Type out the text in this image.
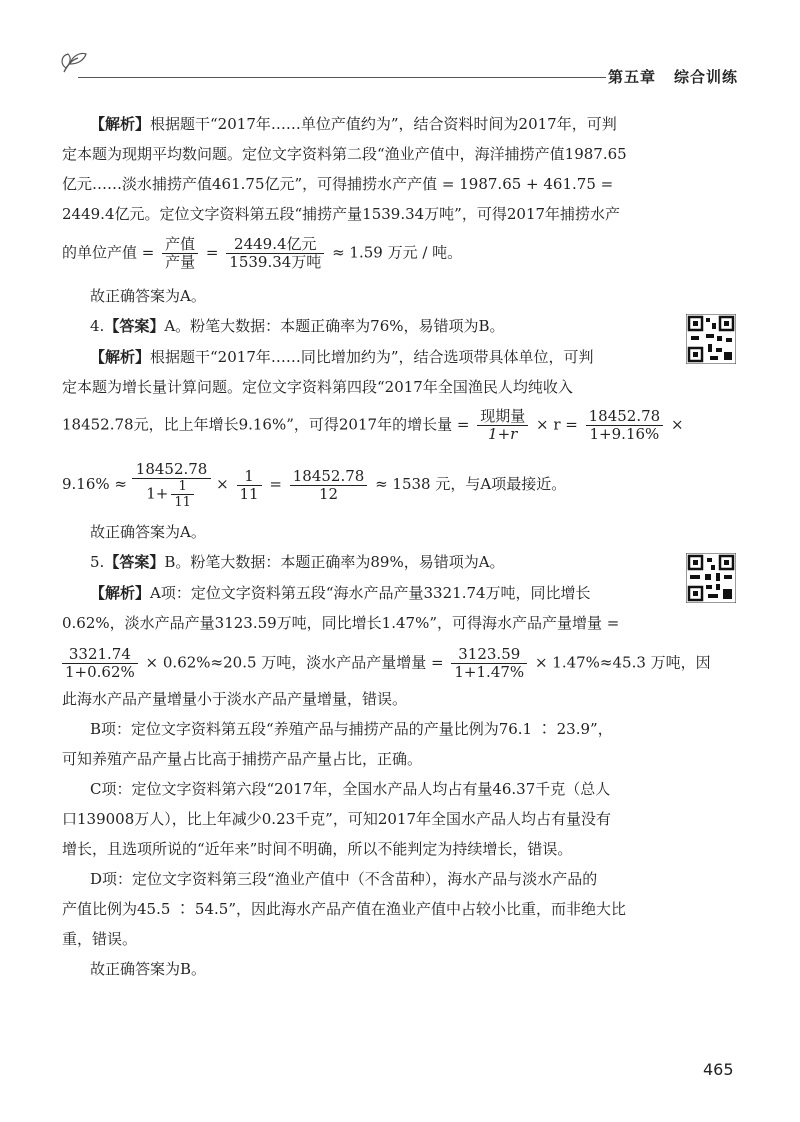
第五章 综合训练
【解析】根据题干“2017年……单位产值约为”，结合资料时间为2017年，可判
定本题为现期平均数问题。定位文字资料第二段“渔业产值中，海洋捕捞产值1987.65
亿元……淡水捕捞产值461.75亿元”，可得捕捞水产产值 = 1987.65 + 461.75 =
2449.4亿元。定位文字资料第五段“捕捞产量1539.34万吨”，可得2017年捕捞水产
的单位产值 = $\frac{\text{产值}}{\text{产量}} = \frac{\text{2449.4亿元}}{\text{1539.34万吨}} \approx 1.59$ 万元 / 吨。
故正确答案为A。
4.【答案】A。粉笔大数据：本题正确率为76%，易错项为B。
【解析】根据题干“2017年……同比增加约为”，结合选项带具体单位，可判
定本题为增长量计算问题。定位文字资料第四段“2017年全国渔民人均纯收入
18452.78元，比上年增长9.16%”，可得2017年的增长量 = $\frac{\text{现期量}}{1+r} \times r = \frac{18452.78}{1+9.16\%}$ ×
$9.16\% \approx \frac{18452.78}{1+ \frac{1}{11}} \times \frac{1}{11} = \frac{18452.78}{12} \approx 1538$ 元，与A项最接近。
故正确答案为A。
5.【答案】B。粉笔大数据：本题正确率为89%，易错项为A。
【解析】A项：定位文字资料第五段“海水产品产量3321.74万吨，同比增长
0.62%，淡水产品产量3123.59万吨，同比增长1.47%”，可得海水产品产量增量 =
$\frac{3321.74}{1+0.62\%} \times 0.62\%\approx 20.5$ 万吨，淡水产品产量增量 = $\frac{3123.59}{1+1.47\%} \times 1.47\%\approx 45.3$ 万吨，因
此海水产品产量增量小于淡水产品产量增量，错误。
B项：定位文字资料第五段“养殖产品与捕捞产品的产量比例为76.1 ∶ 23.9”，
可知养殖产品产量占比高于捕捞产品产量占比，正确。
C项：定位文字资料第六段“2017年，全国水产品人均占有量46.37千克（总人
口139008万人），比上年减少0.23千克”，可知2017年全国水产品人均占有量没有
增长，且选项所说的“近年来”时间不明确，所以不能判定为持续增长，错误。
D项：定位文字资料第三段“渔业产值中（不含苗种），海水产品与淡水产品的
产值比例为45.5 ∶ 54.5”，因此海水产品产值在渔业产值中占较小比重，而非绝大比
重，错误。
故正确答案为B。
465
